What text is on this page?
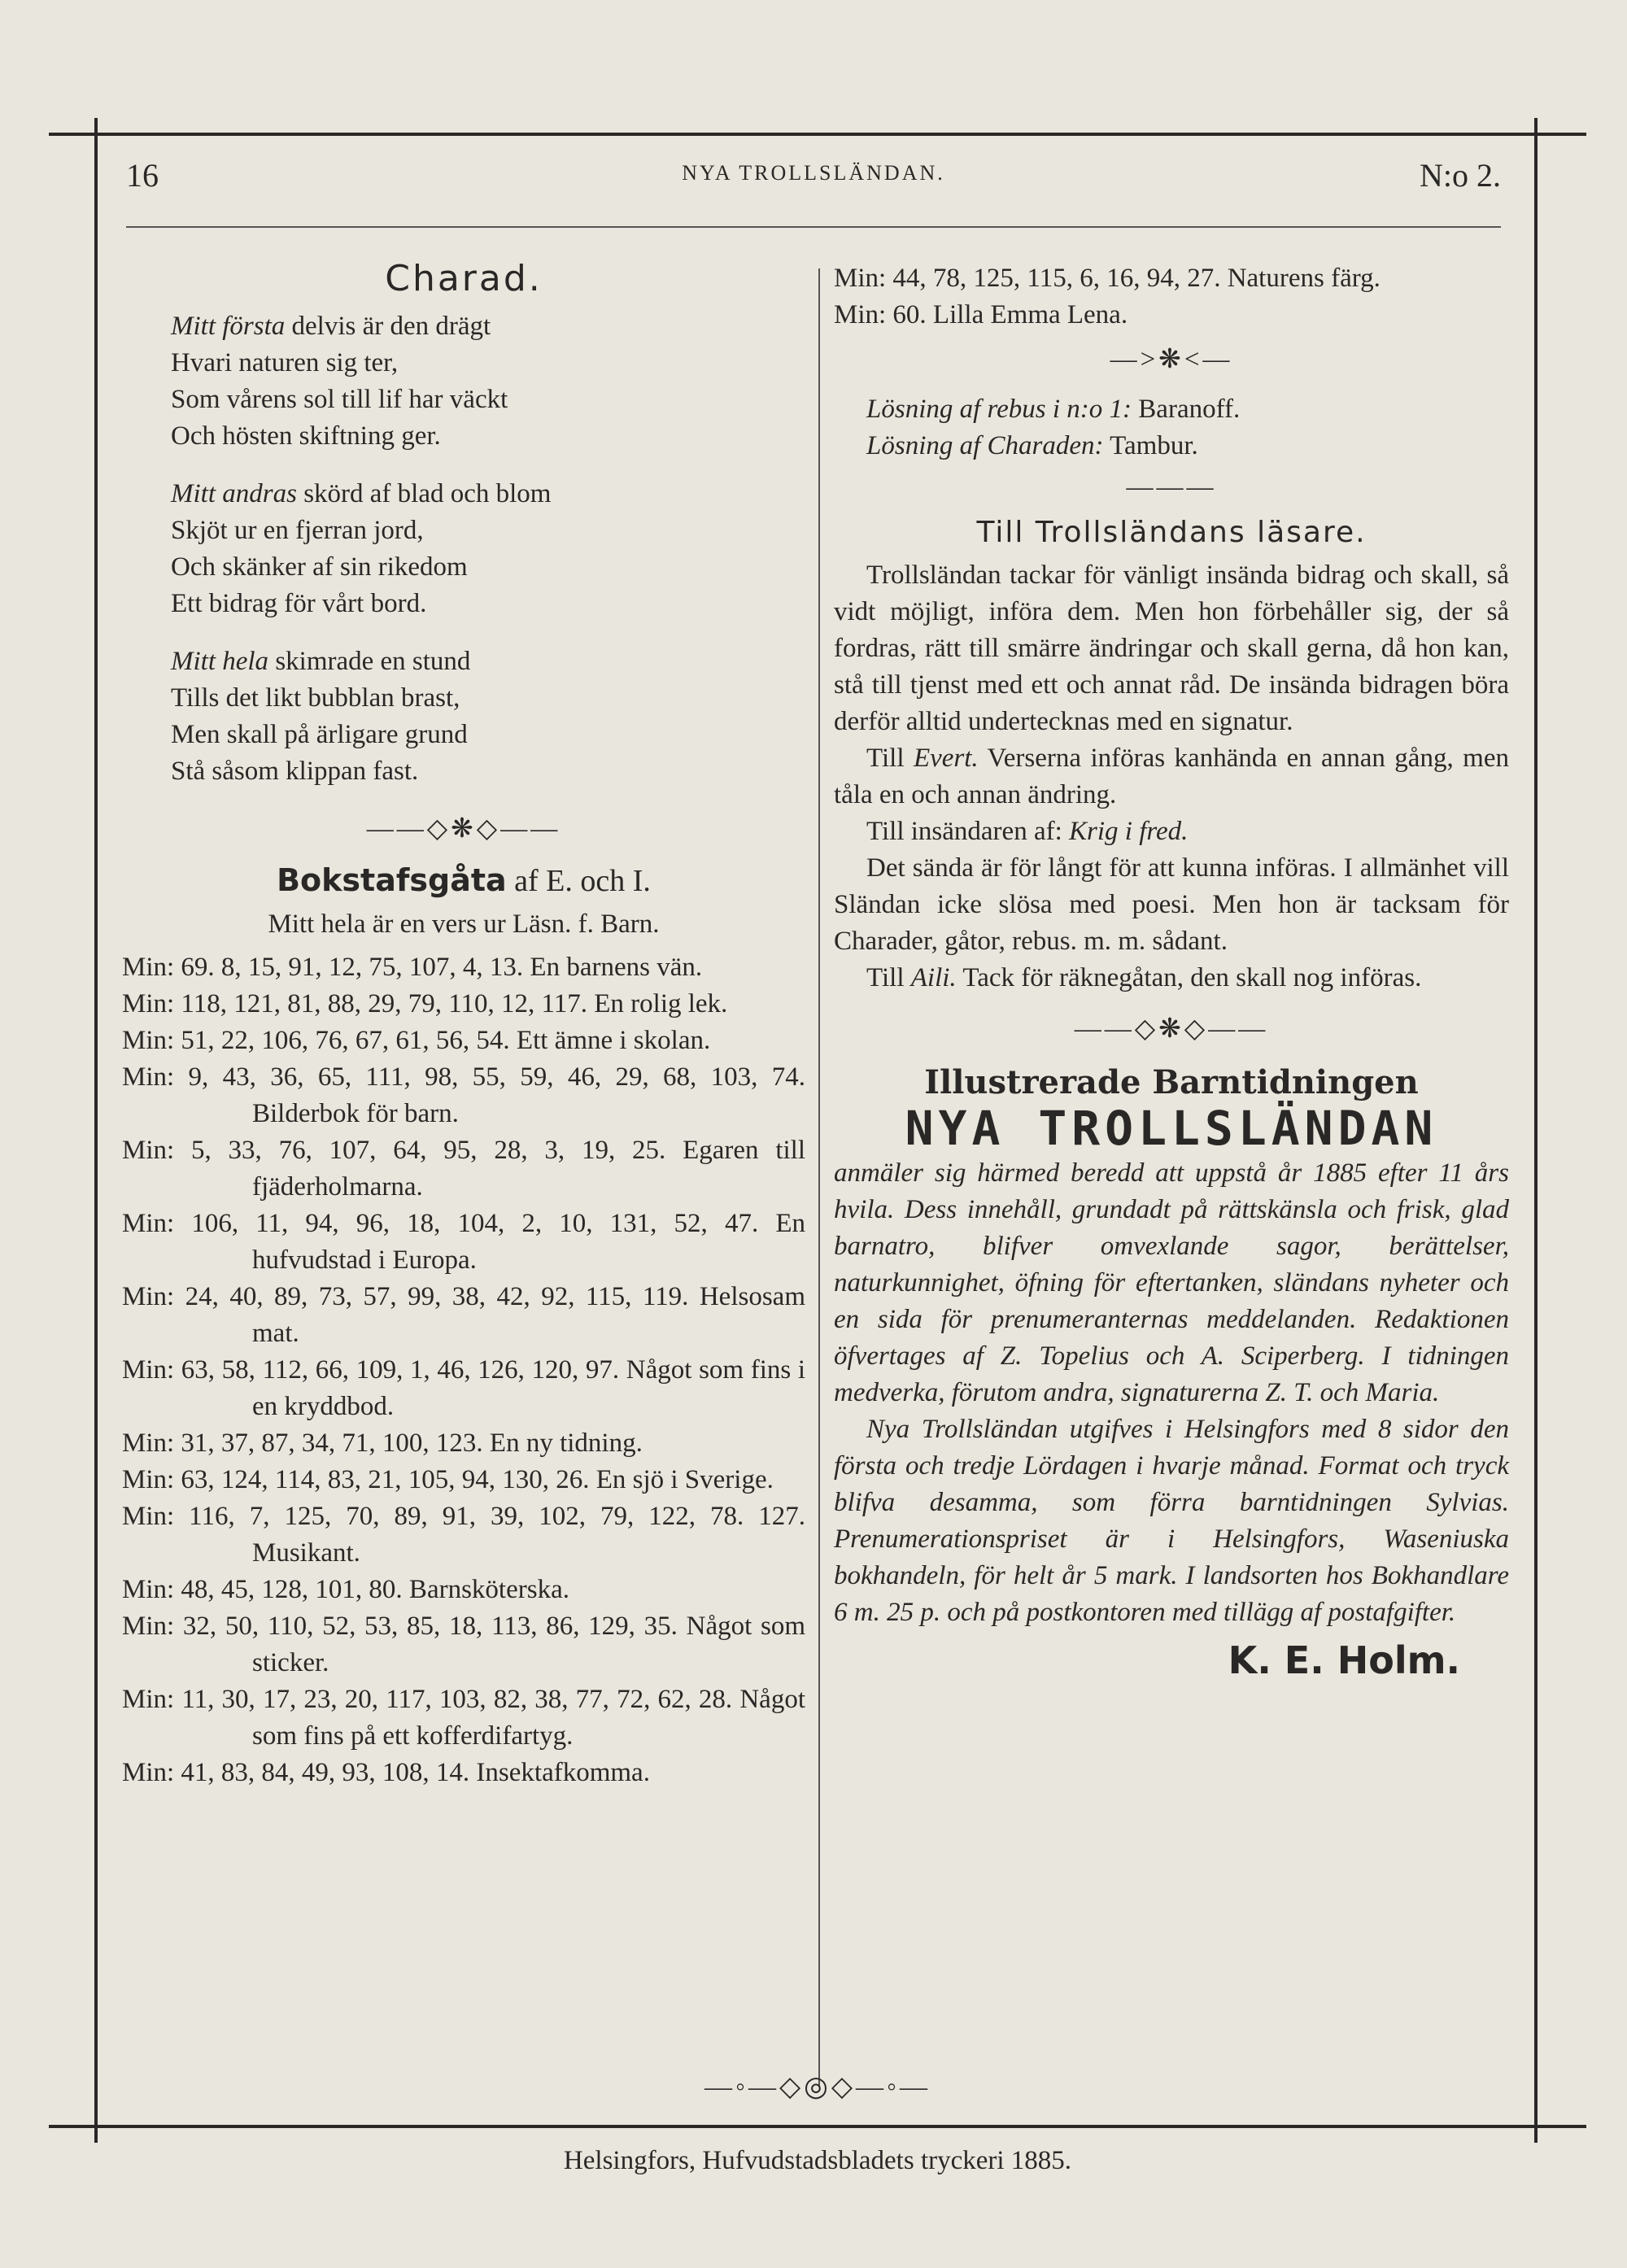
16	NYA TROLLSLÄNDAN.	N:o 2.
Charad.
Mitt första delvis är den drägt
Hvari naturen sig ter,
Som vårens sol till lif har väckt
Och hösten skiftning ger.
Mitt andras skörd af blad och blom
Skjöt ur en fjerran jord,
Och skänker af sin rikedom
Ett bidrag för vårt bord.
Mitt hela skimrade en stund
Tills det likt bubblan brast,
Men skall på ärligare grund
Stå såsom klippan fast.
——◇❋◇——
Bokstafsgåta af E. och I.
Mitt hela är en vers ur Läsn. f. Barn.
Min: 69. 8, 15, 91, 12, 75, 107, 4, 13. En barnens vän.
Min: 118, 121, 81, 88, 29, 79, 110, 12, 117. En rolig lek.
Min: 51, 22, 106, 76, 67, 61, 56, 54. Ett ämne i skolan.
Min: 9, 43, 36, 65, 111, 98, 55, 59, 46, 29, 68, 103, 74. Bilderbok för barn.
Min: 5, 33, 76, 107, 64, 95, 28, 3, 19, 25. Egaren till fjäderholmarna.
Min: 106, 11, 94, 96, 18, 104, 2, 10, 131, 52, 47. En hufvudstad i Europa.
Min: 24, 40, 89, 73, 57, 99, 38, 42, 92, 115, 119. Helsosam mat.
Min: 63, 58, 112, 66, 109, 1, 46, 126, 120, 97. Något som fins i en kryddbod.
Min: 31, 37, 87, 34, 71, 100, 123. En ny tidning.
Min: 63, 124, 114, 83, 21, 105, 94, 130, 26. En sjö i Sverige.
Min: 116, 7, 125, 70, 89, 91, 39, 102, 79, 122, 78. 127. Musikant.
Min: 48, 45, 128, 101, 80. Barnsköterska.
Min: 32, 50, 110, 52, 53, 85, 18, 113, 86, 129, 35. Något som sticker.
Min: 11, 30, 17, 23, 20, 117, 103, 82, 38, 77, 72, 62, 28. Något som fins på ett kofferdifartyg.
Min: 41, 83, 84, 49, 93, 108, 14. Insektafkomma.
Min: 44, 78, 125, 115, 6, 16, 94, 27. Naturens färg.
Min: 60. Lilla Emma Lena.
—>❋<—
Lösning af rebus i n:o 1: Baranoff.
Lösning af Charaden: Tambur.
———
Till Trollsländans läsare.
Trollsländan tackar för vänligt insända bidrag och skall, så vidt möjligt, införa dem. Men hon förbehåller sig, der så fordras, rätt till smärre ändringar och skall gerna, då hon kan, stå till tjenst med ett och annat råd. De insända bidragen böra derför alltid undertecknas med en signatur.
Till Evert. Verserna införas kanhända en annan gång, men tåla en och annan ändring.
Till insändaren af: Krig i fred.
Det sända är för långt för att kunna införas. I allmänhet vill Sländan icke slösa med poesi. Men hon är tacksam för Charader, gåtor, rebus. m. m. sådant.
Till Aili. Tack för räknegåtan, den skall nog införas.
——◇❋◇——
Illustrerade Barntidningen
NYA TROLLSLÄNDAN
anmäler sig härmed beredd att uppstå år 1885 efter 11 års hvila. Dess innehåll, grundadt på rättskänsla och frisk, glad barnatro, blifver omvexlande sagor, berättelser, naturkunnighet, öfning för eftertanken, sländans nyheter och en sida för prenumeranternas meddelanden. Redaktionen öfvertages af Z. Topelius och A. Sciperberg. I tidningen medverka, förutom andra, signaturerna Z. T. och Maria.
Nya Trollsländan utgifves i Helsingfors med 8 sidor den första och tredje Lördagen i hvarje månad. Format och tryck blifva desamma, som förra barntidningen Sylvias. Prenumerationspriset är i Helsingfors, Waseniuska bokhandeln, för helt år 5 mark. I landsorten hos Bokhandlare 6 m. 25 p. och på postkontoren med tillägg af postafgifter.
K. E. Holm.
—◦—◇◎◇—◦—
Helsingfors, Hufvudstadsbladets tryckeri 1885.
